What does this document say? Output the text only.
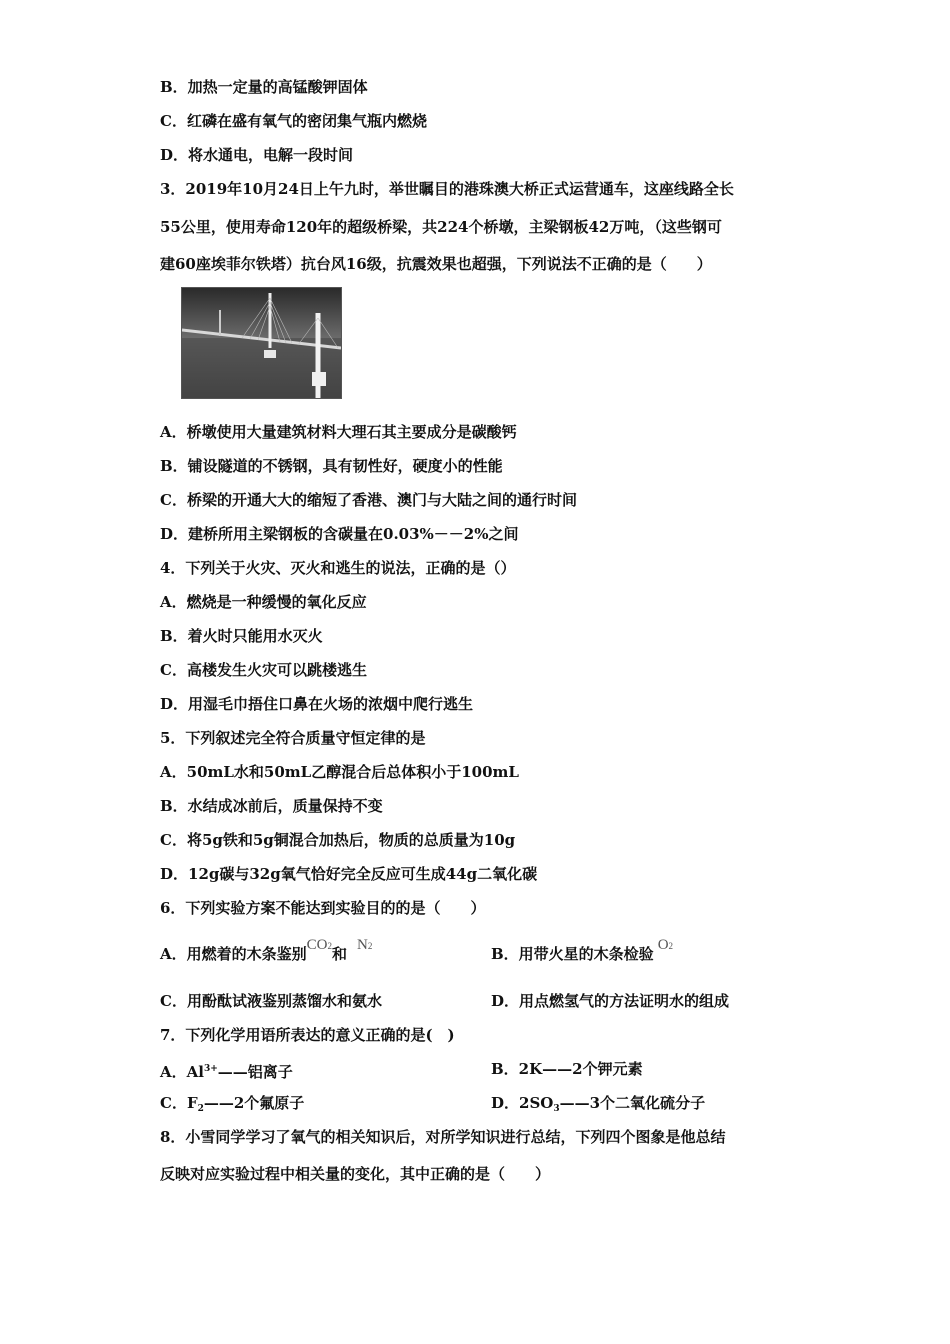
B．加热一定量的高锰酸钾固体
C．红磷在盛有氧气的密闭集气瓶内燃烧
D．将水通电，电解一段时间
3．2019年10月24日上午九时，举世瞩目的港珠澳大桥正式运营通车，这座线路全长
55公里，使用寿命120年的超级桥梁，共224个桥墩，主梁钢板42万吨，（这些钢可
建60座埃菲尔铁塔）抗台风16级，抗震效果也超强，下列说法不正确的是（　　）
A．桥墩使用大量建筑材料大理石其主要成分是碳酸钙
B．铺设隧道的不锈钢，具有韧性好，硬度小的性能
C．桥梁的开通大大的缩短了香港、澳门与大陆之间的通行时间
D．建桥所用主梁钢板的含碳量在0.03%－－2%之间
4．下列关于火灾、灭火和逃生的说法，正确的是（）
A．燃烧是一种缓慢的氧化反应
B．着火时只能用水灭火
C．高楼发生火灾可以跳楼逃生
D．用湿毛巾捂住口鼻在火场的浓烟中爬行逃生
5．下列叙述完全符合质量守恒定律的是
A．50mL水和50mL乙醇混合后总体积小于100mL
B．水结成冰前后，质量保持不变
C．将5g铁和5g铜混合加热后，物质的总质量为10g
D．12g碳与32g氧气恰好完全反应可生成44g二氧化碳
6．下列实验方案不能达到实验目的的是（　　）
A．用燃着的木条鉴别CO2和 N2	B．用带火星的木条检验 O2
C．用酚酞试液鉴别蒸馏水和氨水	D．用点燃氢气的方法证明水的组成
7．下列化学用语所表达的意义正确的是(　)
A．$Al^{3+}——$铝离子	B．2K——2个钾元素
C．$F_2——2$个氟原子	D．$2SO_3——3$个二氧化硫分子
8．小雪同学学习了氧气的相关知识后，对所学知识进行总结，下列四个图象是他总结
反映对应实验过程中相关量的变化，其中正确的是（　　）
